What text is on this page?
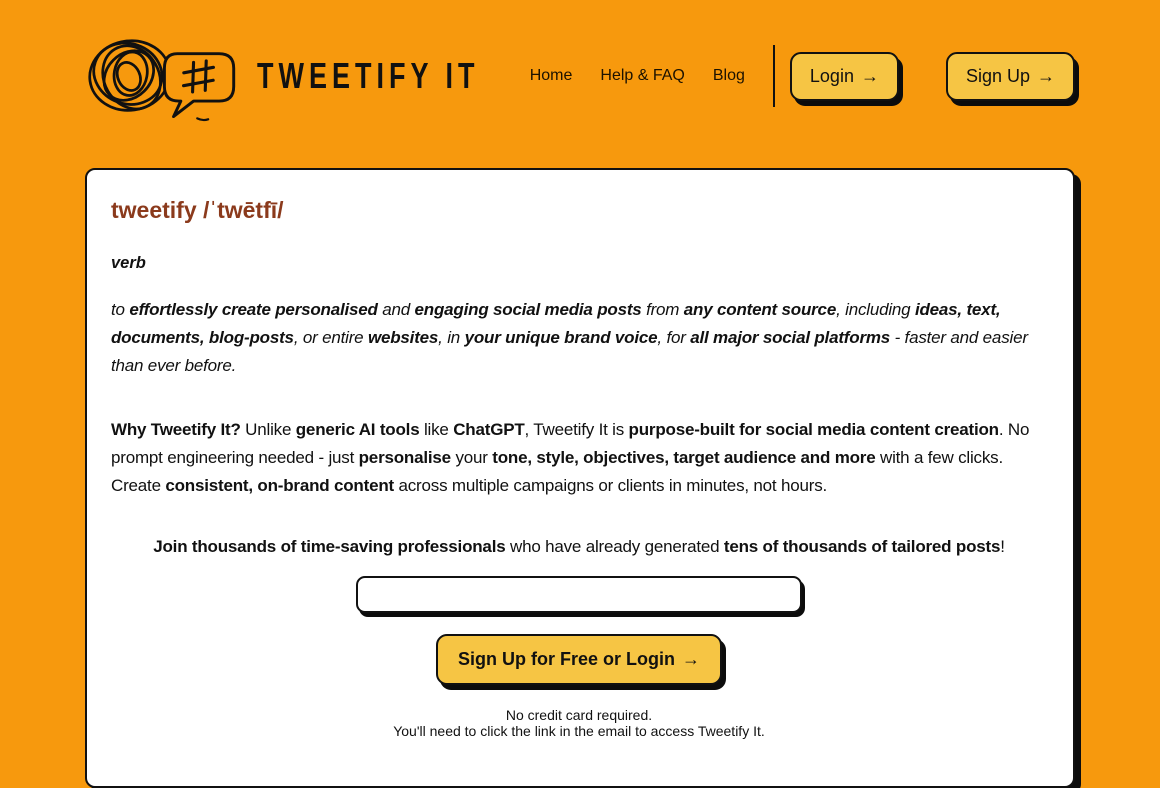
TWEETIFY IT	Home Help & FAQ Blog	Login →	Sign Up →
tweetify /ˈtwētfī/
verb

to effortlessly create personalised and engaging social media posts from any content source, including ideas, text, documents, blog-posts, or entire websites, in your unique brand voice, for all major social platforms - faster and easier than ever before.

Why Tweetify It? Unlike generic AI tools like ChatGPT, Tweetify It is purpose-built for social media content creation. No prompt engineering needed - just personalise your tone, style, objectives, target audience and more with a few clicks. Create consistent, on-brand content across multiple campaigns or clients in minutes, not hours.

Join thousands of time-saving professionals who have already generated tens of thousands of tailored posts!

Sign Up for Free or Login →

No credit card required.

You'll need to click the link in the email to access Tweetify It.
